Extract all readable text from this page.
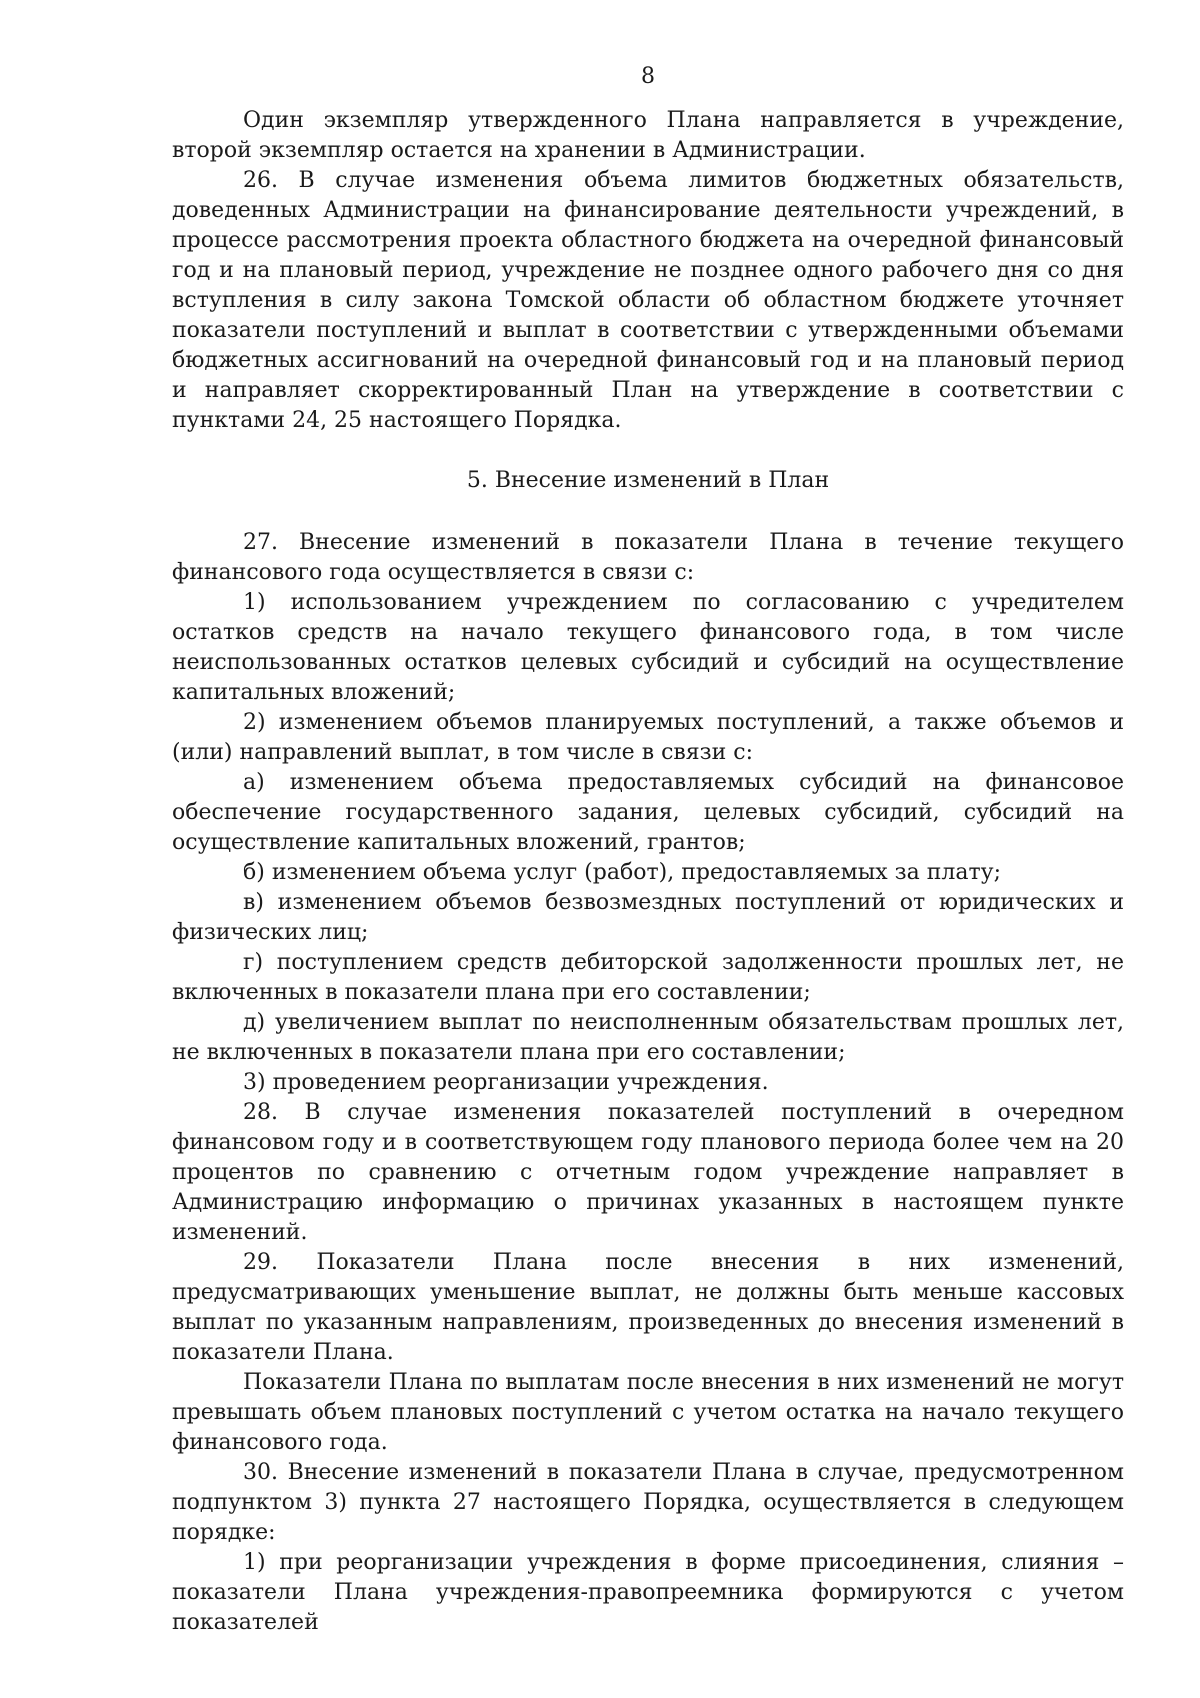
8

Один экземпляр утвержденного Плана направляется в учреждение, второй экземпляр остается на хранении в Администрации.

26. В случае изменения объема лимитов бюджетных обязательств, доведенных Администрации на финансирование деятельности учреждений, в процессе рассмотрения проекта областного бюджета на очередной финансовый год и на плановый период, учреждение не позднее одного рабочего дня со дня вступления в силу закона Томской области об областном бюджете уточняет показатели поступлений и выплат в соответствии с утвержденными объемами бюджетных ассигнований на очередной финансовый год и на плановый период и направляет скорректированный План на утверждение в соответствии с пунктами 24, 25 настоящего Порядка.

5. Внесение изменений в План

27. Внесение изменений в показатели Плана в течение текущего финансового года осуществляется в связи с:

1) использованием учреждением по согласованию с учредителем остатков средств на начало текущего финансового года, в том числе неиспользованных остатков целевых субсидий и субсидий на осуществление капитальных вложений;

2) изменением объемов планируемых поступлений, а также объемов и (или) направлений выплат, в том числе в связи с:

а) изменением объема предоставляемых субсидий на финансовое обеспечение государственного задания, целевых субсидий, субсидий на осуществление капитальных вложений, грантов;

б) изменением объема услуг (работ), предоставляемых за плату;

в) изменением объемов безвозмездных поступлений от юридических и физических лиц;

г) поступлением средств дебиторской задолженности прошлых лет, не включенных в показатели плана при его составлении;

д) увеличением выплат по неисполненным обязательствам прошлых лет, не включенных в показатели плана при его составлении;

3) проведением реорганизации учреждения.

28. В случае изменения показателей поступлений в очередном финансовом году и в соответствующем году планового периода более чем на 20 процентов по сравнению с отчетным годом учреждение направляет в Администрацию информацию о причинах указанных в настоящем пункте изменений.

29. Показатели Плана после внесения в них изменений, предусматривающих уменьшение выплат, не должны быть меньше кассовых выплат по указанным направлениям, произведенных до внесения изменений в показатели Плана.

Показатели Плана по выплатам после внесения в них изменений не могут превышать объем плановых поступлений с учетом остатка на начало текущего финансового года.

30. Внесение изменений в показатели Плана в случае, предусмотренном подпунктом 3) пункта 27 настоящего Порядка, осуществляется в следующем порядке:

1) при реорганизации учреждения в форме присоединения, слияния – показатели Плана учреждения-правопреемника формируются с учетом показателей
